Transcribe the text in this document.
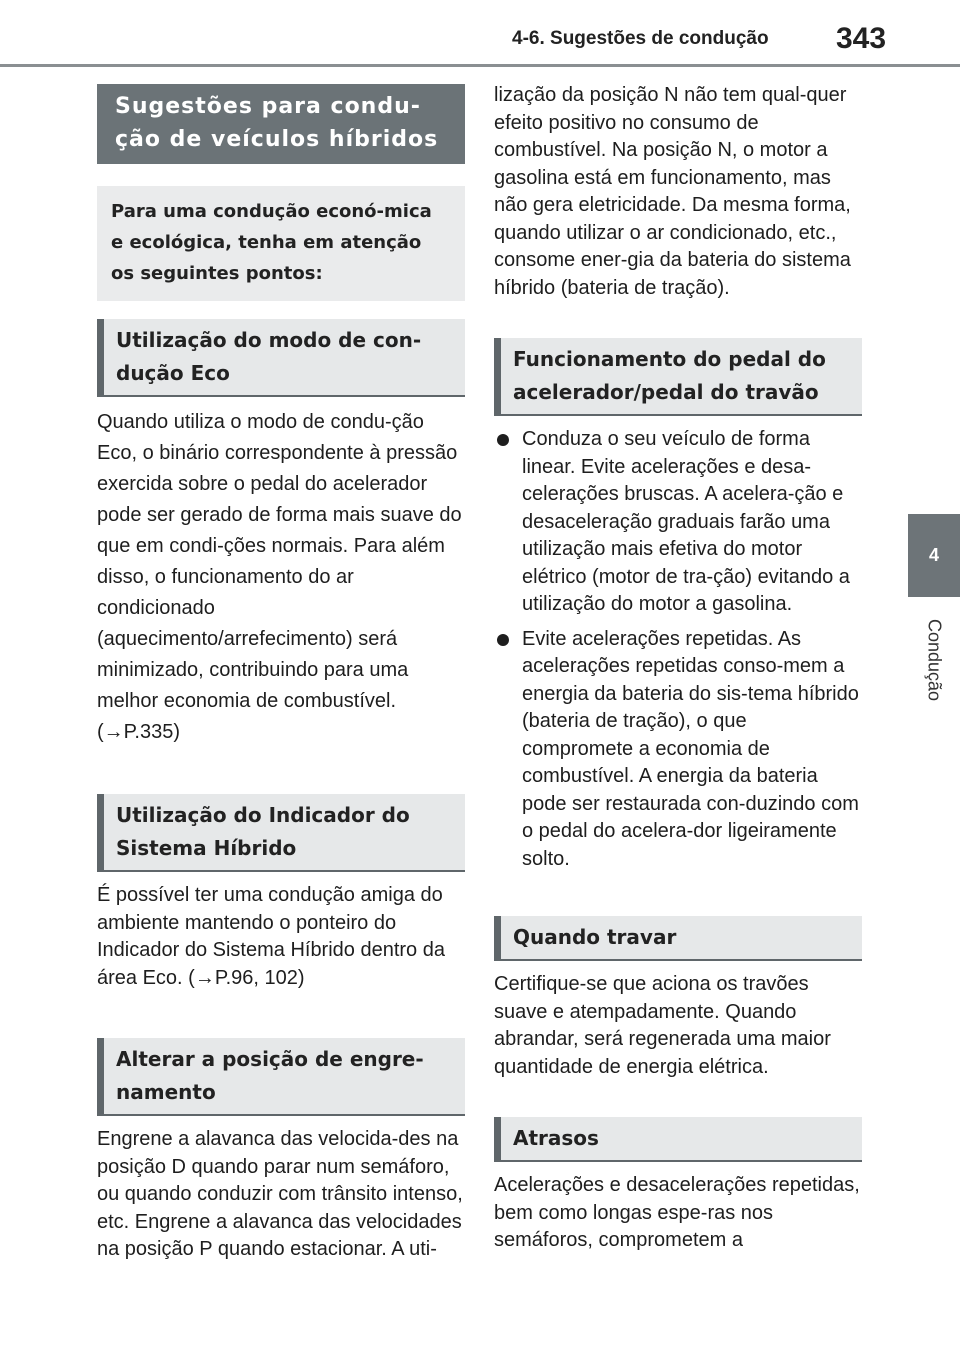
4-6. Sugestões de condução 343
4
Condução
Sugestões para condu-ção de veículos híbridos
Para uma condução econó-mica e ecológica, tenha em atenção os seguintes pontos:
Utilização do modo de con-dução Eco

Quando utiliza o modo de condu-ção Eco, o binário correspondente à pressão exercida sobre o pedal do acelerador pode ser gerado de forma mais suave do que em condi-ções normais. Para além disso, o funcionamento do ar condicionado (aquecimento/arrefecimento) será minimizado, contribuindo para uma melhor economia de combustível. (→P.335)

Utilização do Indicador do Sistema Híbrido

É possível ter uma condução amiga do ambiente mantendo o ponteiro do Indicador do Sistema Híbrido dentro da área Eco. (→P.96, 102)

Alterar a posição de engre-namento

Engrene a alavanca das velocida-des na posição D quando parar num semáforo, ou quando conduzir com trânsito intenso, etc. Engrene a alavanca das velocidades na posição P quando estacionar. A uti-

lização da posição N não tem qual-quer efeito positivo no consumo de combustível. Na posição N, o motor a gasolina está em funcionamento, mas não gera eletricidade. Da mesma forma, quando utilizar o ar condicionado, etc., consome ener-gia da bateria do sistema híbrido (bateria de tração).

Funcionamento do pedal do acelerador/pedal do travão
Conduza o seu veículo de forma linear. Evite acelerações e desa-celerações bruscas. A acelera-ção e desaceleração graduais farão uma utilização mais efetiva do motor elétrico (motor de tra-ção) evitando a utilização do motor a gasolina.
Evite acelerações repetidas. As acelerações repetidas conso-mem a energia da bateria do sis-tema híbrido (bateria de tração), o que compromete a economia de combustível. A energia da bateria pode ser restaurada con-duzindo com o pedal do acelera-dor ligeiramente solto.
Quando travar

Certifique-se que aciona os travões suave e atempadamente. Quando abrandar, será regenerada uma maior quantidade de energia elétrica.

Atrasos

Acelerações e desacelerações repetidas, bem como longas espe-ras nos semáforos, comprometem a
